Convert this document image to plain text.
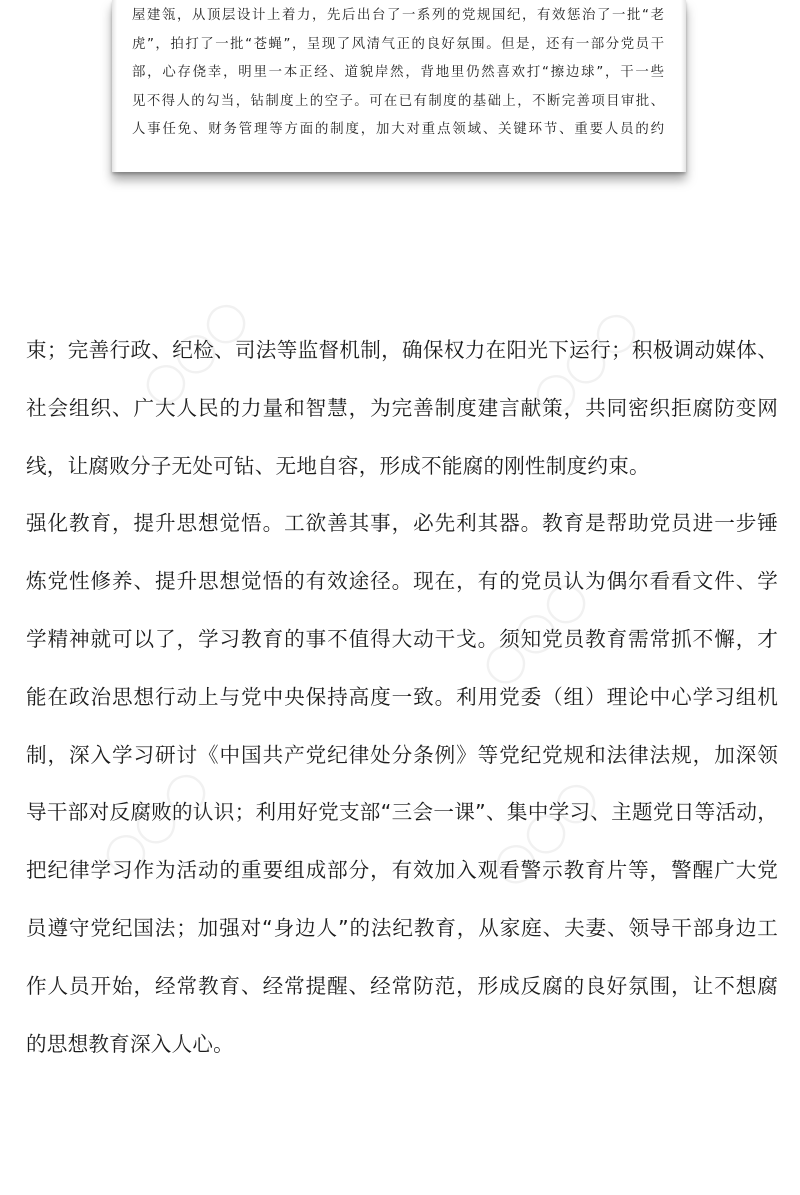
◯◯◯	◯◯◯
◯◯◯
◯◯◯	◯◯◯

屋建瓴，从顶层设计上着力，先后出台了一系列的党规国纪，有效惩治了一批“老
虎”，拍打了一批“苍蝇”，呈现了风清气正的良好氛围。但是，还有一部分党员干
部，心存侥幸，明里一本正经、道貌岸然，背地里仍然喜欢打“擦边球”，干一些
见不得人的勾当，钻制度上的空子。可在已有制度的基础上，不断完善项目审批、
人事任免、财务管理等方面的制度，加大对重点领域、关键环节、重要人员的约

束；完善行政、纪检、司法等监督机制，确保权力在阳光下运行；积极调动媒体、
社会组织、广大人民的力量和智慧，为完善制度建言献策，共同密织拒腐防变网
线，让腐败分子无处可钻、无地自容，形成不能腐的刚性制度约束。
强化教育，提升思想觉悟。工欲善其事，必先利其器。教育是帮助党员进一步锤
炼党性修养、提升思想觉悟的有效途径。现在，有的党员认为偶尔看看文件、学
学精神就可以了，学习教育的事不值得大动干戈。须知党员教育需常抓不懈，才
能在政治思想行动上与党中央保持高度一致。利用党委（组）理论中心学习组机
制，深入学习研讨《中国共产党纪律处分条例》等党纪党规和法律法规，加深领
导干部对反腐败的认识；利用好党支部“三会一课”、集中学习、主题党日等活动，
把纪律学习作为活动的重要组成部分，有效加入观看警示教育片等，警醒广大党
员遵守党纪国法；加强对“身边人”的法纪教育，从家庭、夫妻、领导干部身边工
作人员开始，经常教育、经常提醒、经常防范，形成反腐的良好氛围，让不想腐
的思想教育深入人心。
